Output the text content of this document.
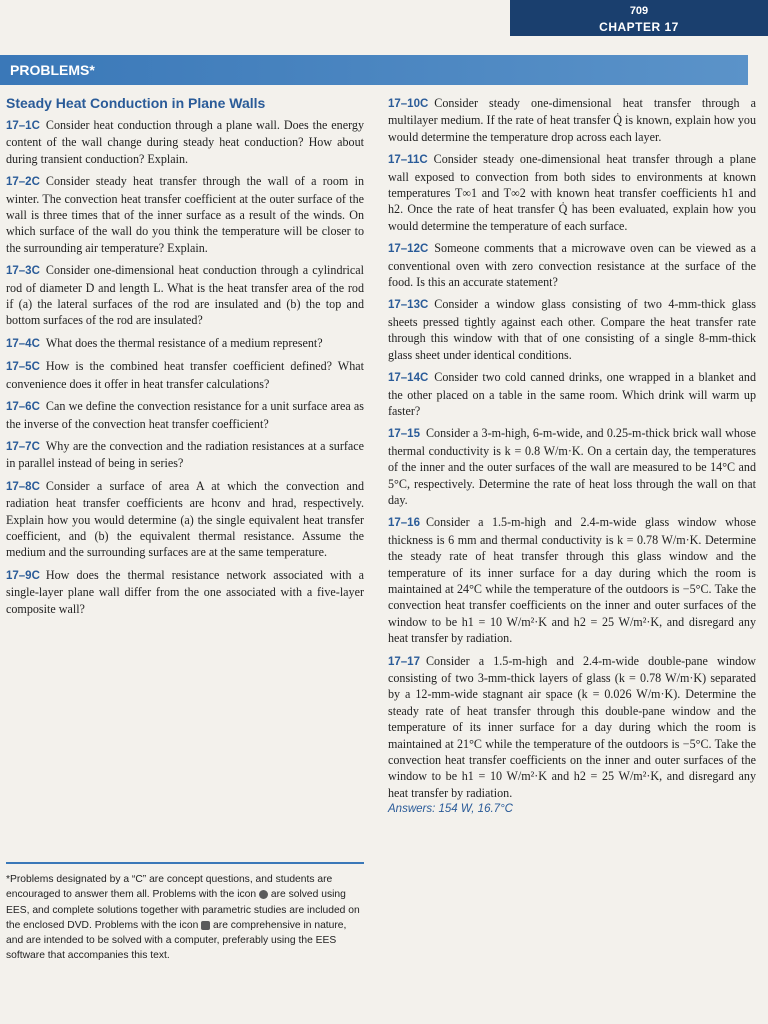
709
CHAPTER 17
PROBLEMS*
Steady Heat Conduction in Plane Walls
17–1C Consider heat conduction through a plane wall. Does the energy content of the wall change during steady heat conduction? How about during transient conduction? Explain.
17–2C Consider steady heat transfer through the wall of a room in winter. The convection heat transfer coefficient at the outer surface of the wall is three times that of the inner surface as a result of the winds. On which surface of the wall do you think the temperature will be closer to the surrounding air temperature? Explain.
17–3C Consider one-dimensional heat conduction through a cylindrical rod of diameter D and length L. What is the heat transfer area of the rod if (a) the lateral surfaces of the rod are insulated and (b) the top and bottom surfaces of the rod are insulated?
17–4C What does the thermal resistance of a medium represent?
17–5C How is the combined heat transfer coefficient defined? What convenience does it offer in heat transfer calculations?
17–6C Can we define the convection resistance for a unit surface area as the inverse of the convection heat transfer coefficient?
17–7C Why are the convection and the radiation resistances at a surface in parallel instead of being in series?
17–8C Consider a surface of area A at which the convection and radiation heat transfer coefficients are hconv and hrad, respectively. Explain how you would determine (a) the single equivalent heat transfer coefficient, and (b) the equivalent thermal resistance. Assume the medium and the surrounding surfaces are at the same temperature.
17–9C How does the thermal resistance network associated with a single-layer plane wall differ from the one associated with a five-layer composite wall?
*Problems designated by a “C” are concept questions, and students are encouraged to answer them all. Problems with the icon  are solved using EES, and complete solutions together with parametric studies are included on the enclosed DVD. Problems with the icon  are comprehensive in nature, and are intended to be solved with a computer, preferably using the EES software that accompanies this text.
17–10C Consider steady one-dimensional heat transfer through a multilayer medium. If the rate of heat transfer Q̇ is known, explain how you would determine the temperature drop across each layer.
17–11C Consider steady one-dimensional heat transfer through a plane wall exposed to convection from both sides to environments at known temperatures T∞1 and T∞2 with known heat transfer coefficients h1 and h2. Once the rate of heat transfer Q̇ has been evaluated, explain how you would determine the temperature of each surface.
17–12C Someone comments that a microwave oven can be viewed as a conventional oven with zero convection resistance at the surface of the food. Is this an accurate statement?
17–13C Consider a window glass consisting of two 4-mm-thick glass sheets pressed tightly against each other. Compare the heat transfer rate through this window with that of one consisting of a single 8-mm-thick glass sheet under identical conditions.
17–14C Consider two cold canned drinks, one wrapped in a blanket and the other placed on a table in the same room. Which drink will warm up faster?
17–15 Consider a 3-m-high, 6-m-wide, and 0.25-m-thick brick wall whose thermal conductivity is k = 0.8 W/m·K. On a certain day, the temperatures of the inner and the outer surfaces of the wall are measured to be 14°C and 5°C, respectively. Determine the rate of heat loss through the wall on that day.
17–16 Consider a 1.5-m-high and 2.4-m-wide glass window whose thickness is 6 mm and thermal conductivity is k = 0.78 W/m·K. Determine the steady rate of heat transfer through this glass window and the temperature of its inner surface for a day during which the room is maintained at 24°C while the temperature of the outdoors is −5°C. Take the convection heat transfer coefficients on the inner and outer surfaces of the window to be h1 = 10 W/m²·K and h2 = 25 W/m²·K, and disregard any heat transfer by radiation.
17–17 Consider a 1.5-m-high and 2.4-m-wide double-pane window consisting of two 3-mm-thick layers of glass (k = 0.78 W/m·K) separated by a 12-mm-wide stagnant air space (k = 0.026 W/m·K). Determine the steady rate of heat transfer through this double-pane window and the temperature of its inner surface for a day during which the room is maintained at 21°C while the temperature of the outdoors is −5°C. Take the convection heat transfer coefficients on the inner and outer surfaces of the window to be h1 = 10 W/m²·K and h2 = 25 W/m²·K, and disregard any heat transfer by radiation.
Answers: 154 W, 16.7°C
